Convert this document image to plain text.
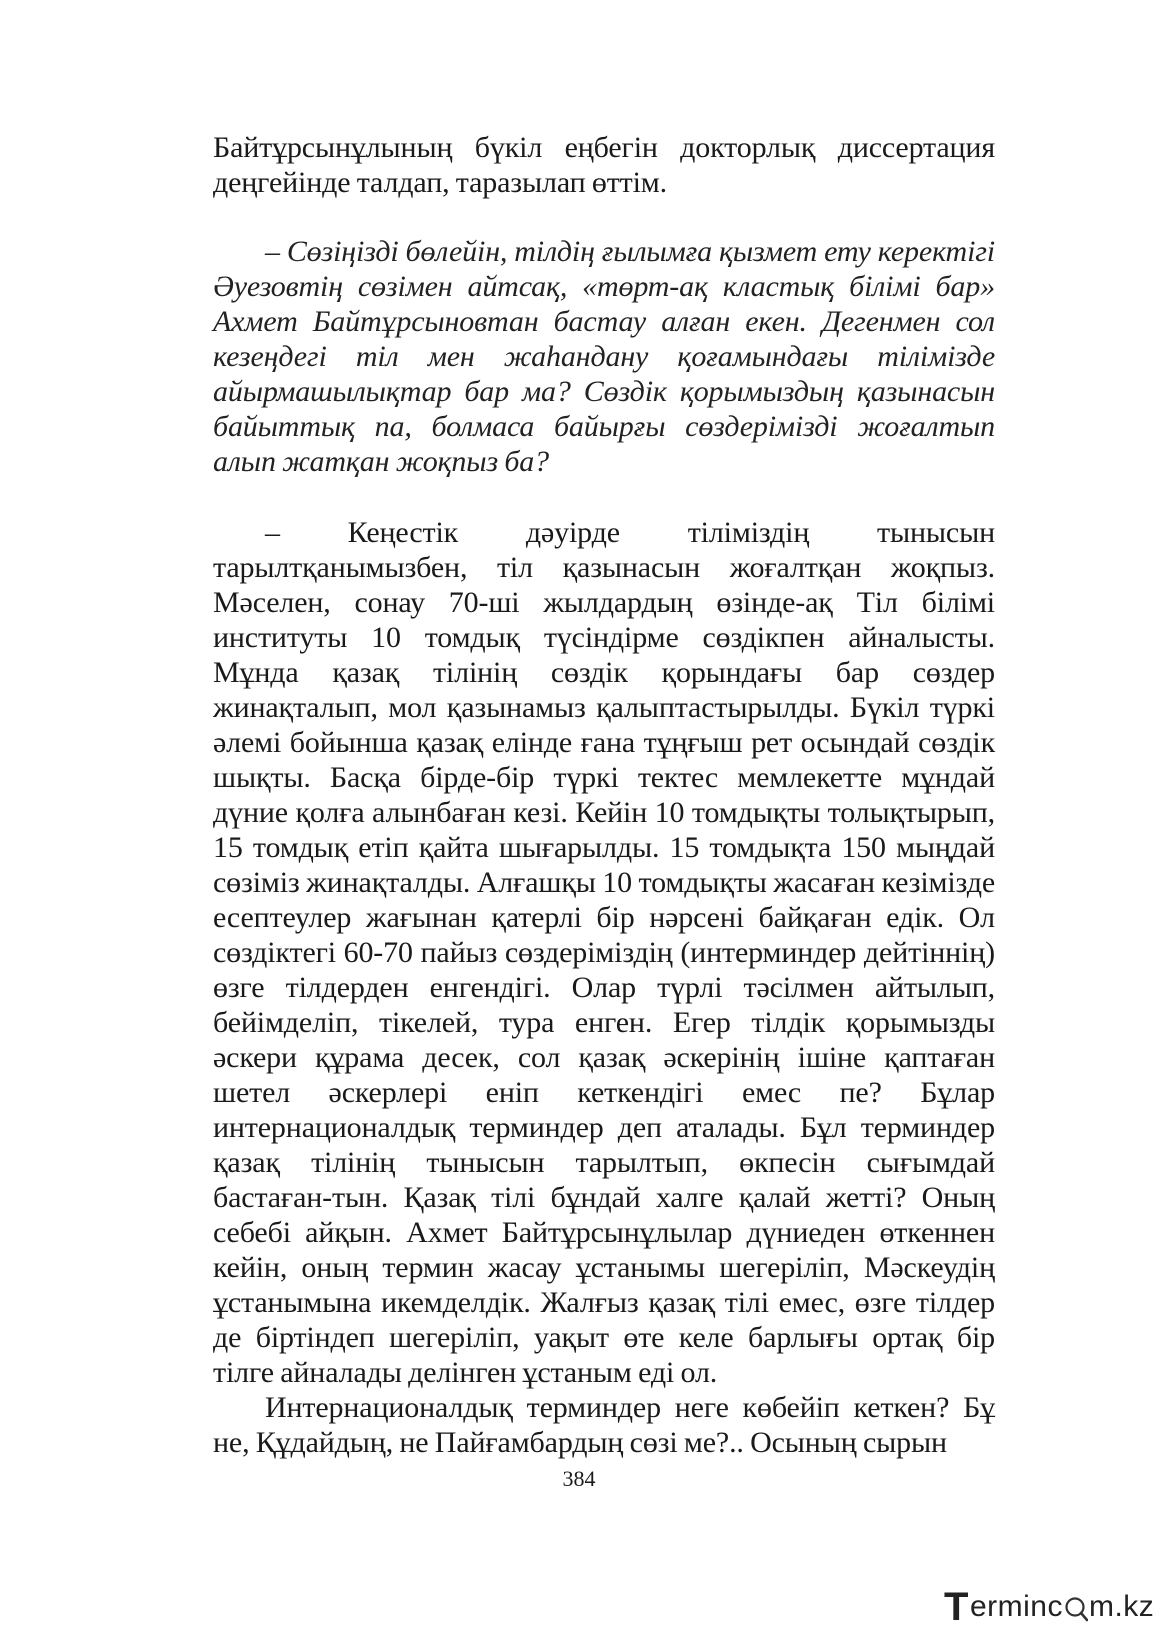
Байтұрсынұлының бүкіл еңбегін докторлық диссертация деңгейінде талдап, таразылап өттім.

– Сөзіңізді бөлейін, тілдің ғылымға қызмет ету керектігі Әуезовтің сөзімен айтсақ, «төрт-ақ кластық білімі бар» Ахмет Байтұрсыновтан бастау алған екен. Дегенмен сол кезеңдегі тіл мен жаһандану қоғамындағы тілімізде айырмашылықтар бар ма? Сөздік қорымыздың қазынасын байыттық па, болмаса байырғы сөздерімізді жоғалтып алып жатқан жоқпыз ба?

– Кеңестік дәуірде тіліміздің тынысын тарылтқанымызбен, тіл қазынасын жоғалтқан жоқпыз. Мәселен, сонау 70-ші жылдардың өзінде-ақ Тіл білімі институты 10 томдық түсіндірме сөздікпен айналысты. Мұнда қазақ тілінің сөздік қорындағы бар сөздер жинақталып, мол қазынамыз қалыптастырылды. Бүкіл түркі әлемі бойынша қазақ елінде ғана тұңғыш рет осындай сөздік шықты. Басқа бірде-бір түркі тектес мемлекетте мұндай дүние қолға алынбаған кезі. Кейін 10 томдықты толықтырып, 15 томдық етіп қайта шығарылды. 15 томдықта 150 мыңдай сөзіміз жинақталды. Алғашқы 10 томдықты жасаған кезімізде есептеулер жағынан қатерлі бір нәрсені байқаған едік. Ол сөздіктегі 60-70 пайыз сөздеріміздің (интерминдер дейтіннің) өзге тілдерден енгендігі. Олар түрлі тәсілмен айтылып, бейімделіп, тікелей, тура енген. Егер тілдік қорымызды әскери құрама десек, сол қазақ әскерінің ішіне қаптаған шетел әскерлері еніп кеткендігі емес пе? Бұлар интернационалдық терминдер деп аталады. Бұл терминдер қазақ тілінің тынысын тарылтып, өкпесін сығымдай бастаған-тын. Қазақ тілі бұндай халге қалай жетті? Оның себебі айқын. Ахмет Байтұрсынұлылар дүниеден өткеннен кейін, оның термин жасау ұстанымы шегеріліп, Мәскеудің ұстанымына икемделдік. Жалғыз қазақ тілі емес, өзге тілдер де біртіндеп шегеріліп, уақыт өте келе барлығы ортақ бір тілге айналады делінген ұстаным еді ол.

Интернационалдық терминдер неге көбейіп кеткен? Бұ не, Құдайдың, не Пайғамбардың сөзі ме?.. Осының сырын

384
T erminc m.kz
